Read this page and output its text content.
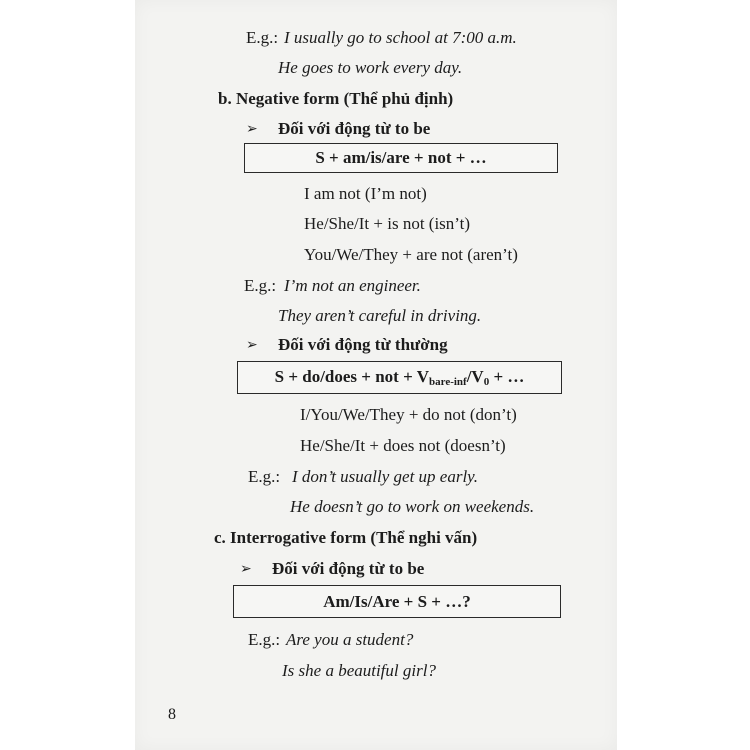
E.g.: I usually go to school at 7:00 a.m.
He goes to work every day.
b. Negative form (Thể phủ định)
➢ Đối với động từ to be
S + am/is/are + not + …
I am not (I’m not)
He/She/It + is not (isn’t)
You/We/They + are not (aren’t)
E.g.: I’m not an engineer.
They aren’t careful in driving.
➢ Đối với động từ thường
S + do/does + not + $V_{bare-inf}/V_0$ + …
I/You/We/They + do not (don’t)
He/She/It + does not (doesn’t)
E.g.: I don’t usually get up early.
He doesn’t go to work on weekends.
c. Interrogative form (Thể nghi vấn)
➢ Đối với động từ to be
Am/Is/Are + S + …?
E.g.: Are you a student?
Is she a beautiful girl?
8
